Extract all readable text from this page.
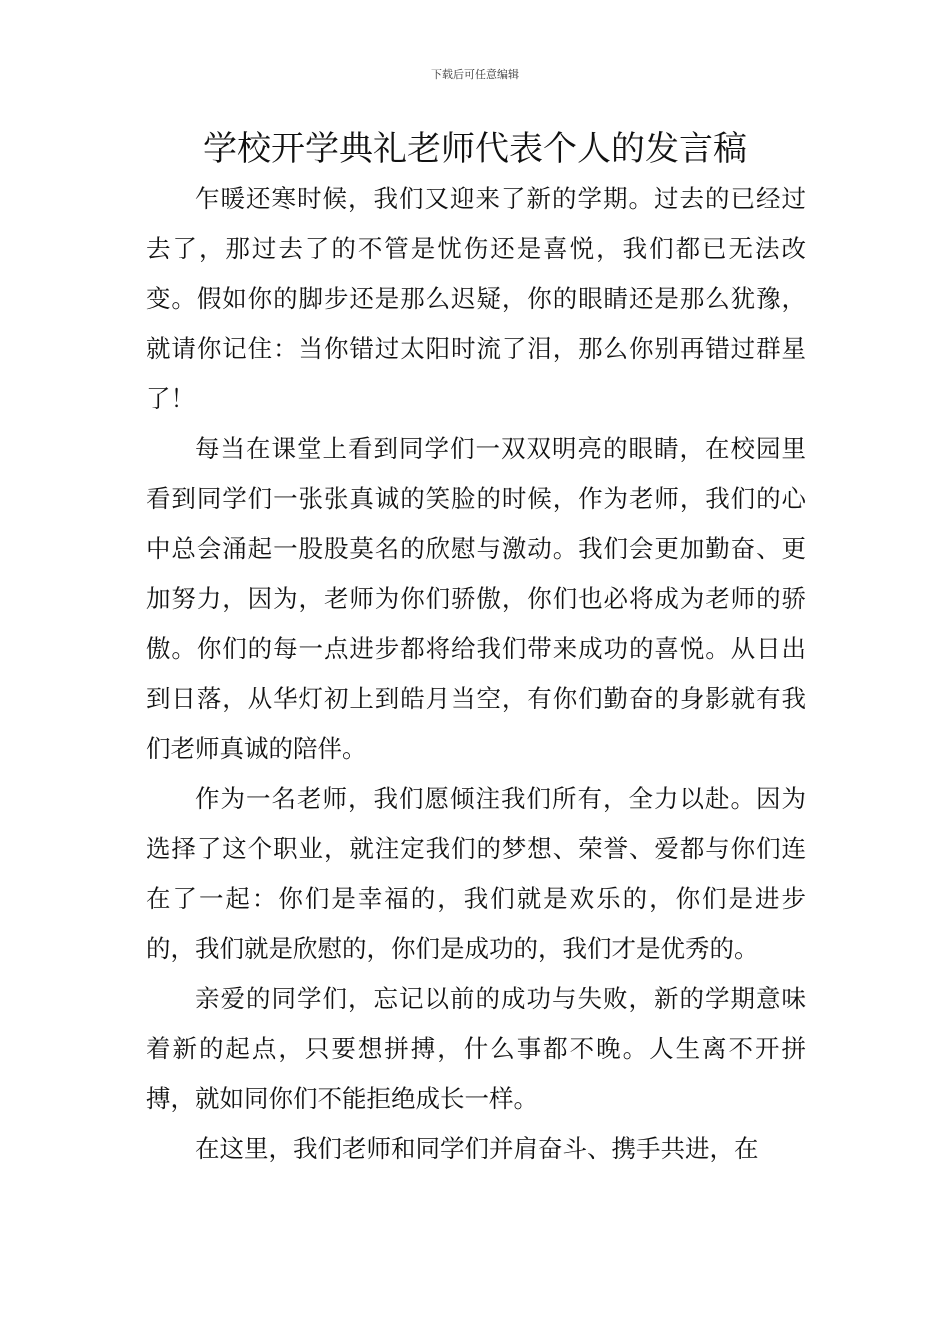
下载后可任意编辑
学校开学典礼老师代表个人的发言稿

乍暖还寒时候，我们又迎来了新的学期。过去的已经过去了，那过去了的不管是忧伤还是喜悦，我们都已无法改变。假如你的脚步还是那么迟疑，你的眼睛还是那么犹豫，就请你记住：当你错过太阳时流了泪，那么你别再错过群星了！

每当在课堂上看到同学们一双双明亮的眼睛，在校园里看到同学们一张张真诚的笑脸的时候，作为老师，我们的心中总会涌起一股股莫名的欣慰与激动。我们会更加勤奋、更加努力，因为，老师为你们骄傲，你们也必将成为老师的骄傲。你们的每一点进步都将给我们带来成功的喜悦。从日出到日落，从华灯初上到皓月当空，有你们勤奋的身影就有我们老师真诚的陪伴。

作为一名老师，我们愿倾注我们所有，全力以赴。因为选择了这个职业，就注定我们的梦想、荣誉、爱都与你们连在了一起：你们是幸福的，我们就是欢乐的，你们是进步的，我们就是欣慰的，你们是成功的，我们才是优秀的。

亲爱的同学们，忘记以前的成功与失败，新的学期意味着新的起点，只要想拼搏，什么事都不晚。人生离不开拼搏，就如同你们不能拒绝成长一样。

在这里，我们老师和同学们并肩奋斗、携手共进，在
